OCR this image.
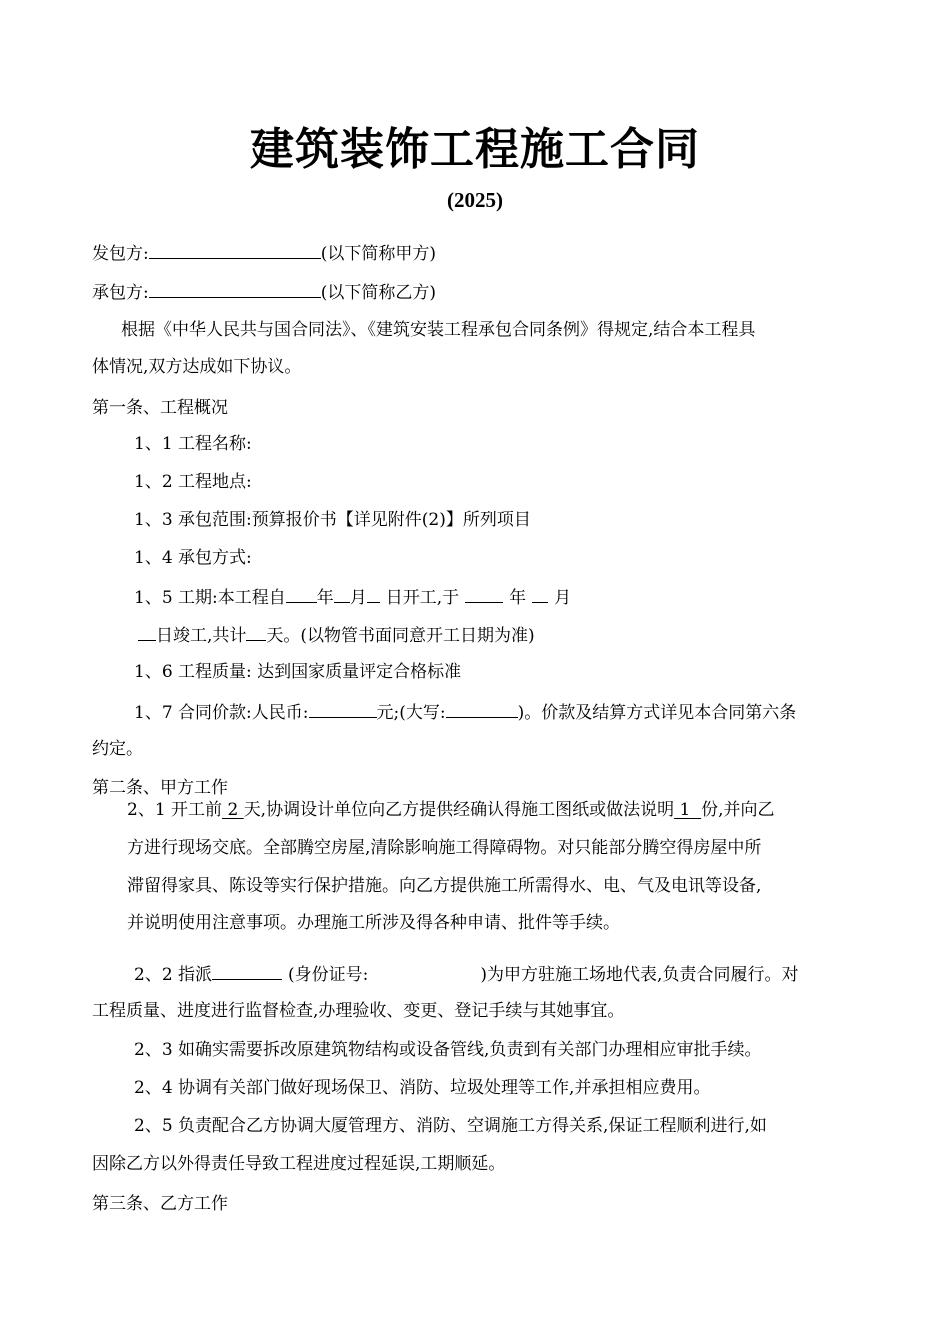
建筑装饰工程施工合同
(2025)
发包方:	(以下简称甲方)
承包方:	(以下简称乙方)
根据《中华人民共与国合同法》、《建筑安装工程承包合同条例》得规定,结合本工程具
体情况,双方达成如下协议。
第一条、工程概况
1、1 工程名称:
1、2 工程地点:
1、3 承包范围:预算报价书【详见附件(2)】所列项目
1、4 承包方式:
1、5 工期:本工程自 年 月 日开工,于	年 月
日竣工,共计 天。(以物管书面同意开工日期为准)
1、6 工程质量: 达到国家质量评定合格标准
1、7 合同价款:人民币:	元;(大写:	)。价款及结算方式详见本合同第六条
约定。
第二条、甲方工作
2、1 开工前 2 天,协调设计单位向乙方提供经确认得施工图纸或做法说明 1 份,并向乙
方进行现场交底。全部腾空房屋,清除影响施工得障碍物。对只能部分腾空得房屋中所
滞留得家具、陈设等实行保护措施。向乙方提供施工所需得水、电、气及电讯等设备,
并说明使用注意事项。办理施工所涉及得各种申请、批件等手续。
2、2 指派	(身份证号:	)为甲方驻施工场地代表,负责合同履行。对
工程质量、进度进行监督检查,办理验收、变更、登记手续与其她事宜。
2、3 如确实需要拆改原建筑物结构或设备管线,负责到有关部门办理相应审批手续。
2、4 协调有关部门做好现场保卫、消防、垃圾处理等工作,并承担相应费用。
2、5 负责配合乙方协调大厦管理方、消防、空调施工方得关系,保证工程顺利进行,如
因除乙方以外得责任导致工程进度过程延误,工期顺延。
第三条、乙方工作
